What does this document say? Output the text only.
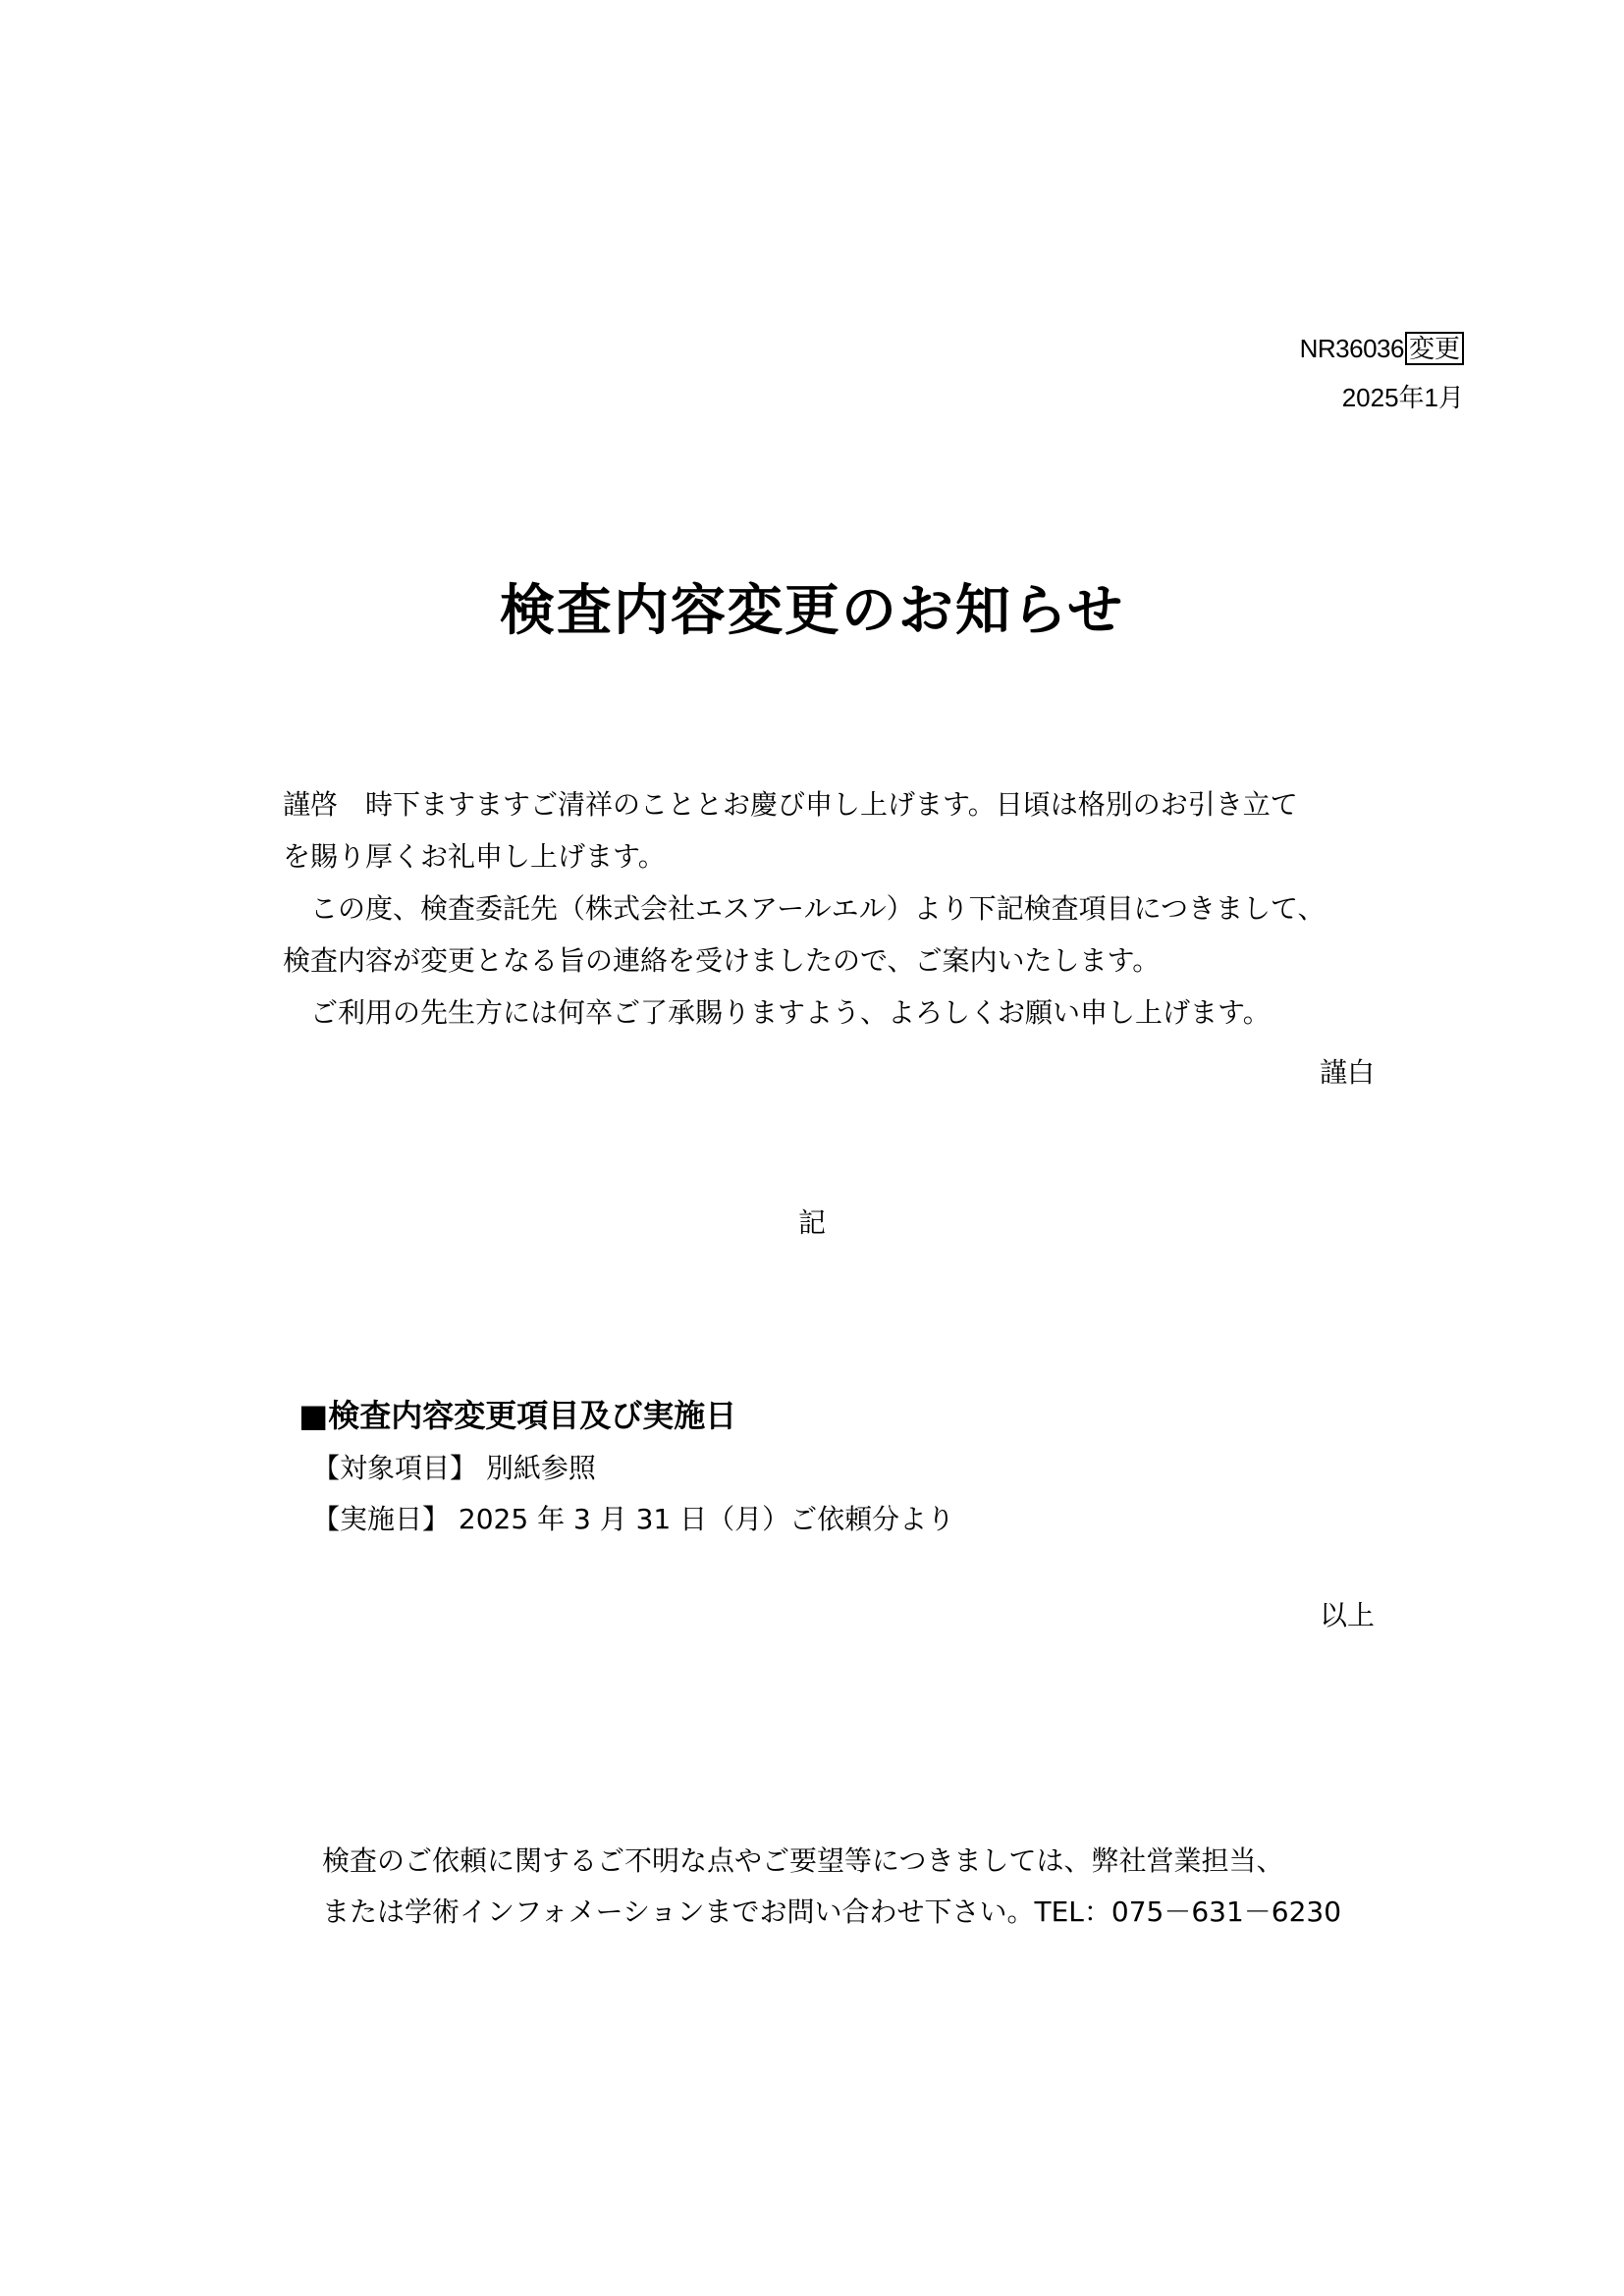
NR36036 変更
2025年1月
検査内容変更のお知らせ
謹啓　時下ますますご清祥のこととお慶び申し上げます。日頃は格別のお引き立て
を賜り厚くお礼申し上げます。
　この度、検査委託先（株式会社エスアールエル）より下記検査項目につきまして、
検査内容が変更となる旨の連絡を受けましたので、ご案内いたします。
　ご利用の先生方には何卒ご了承賜りますよう、よろしくお願い申し上げます。
謹白
記
■検査内容変更項目及び実施日
【対象項目】 別紙参照
【実施日】 2025 年 3 月 31 日（月）ご依頼分より
以上
検査のご依頼に関するご不明な点やご要望等につきましては、弊社営業担当、
または学術インフォメーションまでお問い合わせ下さい。TEL：075－631－6230
